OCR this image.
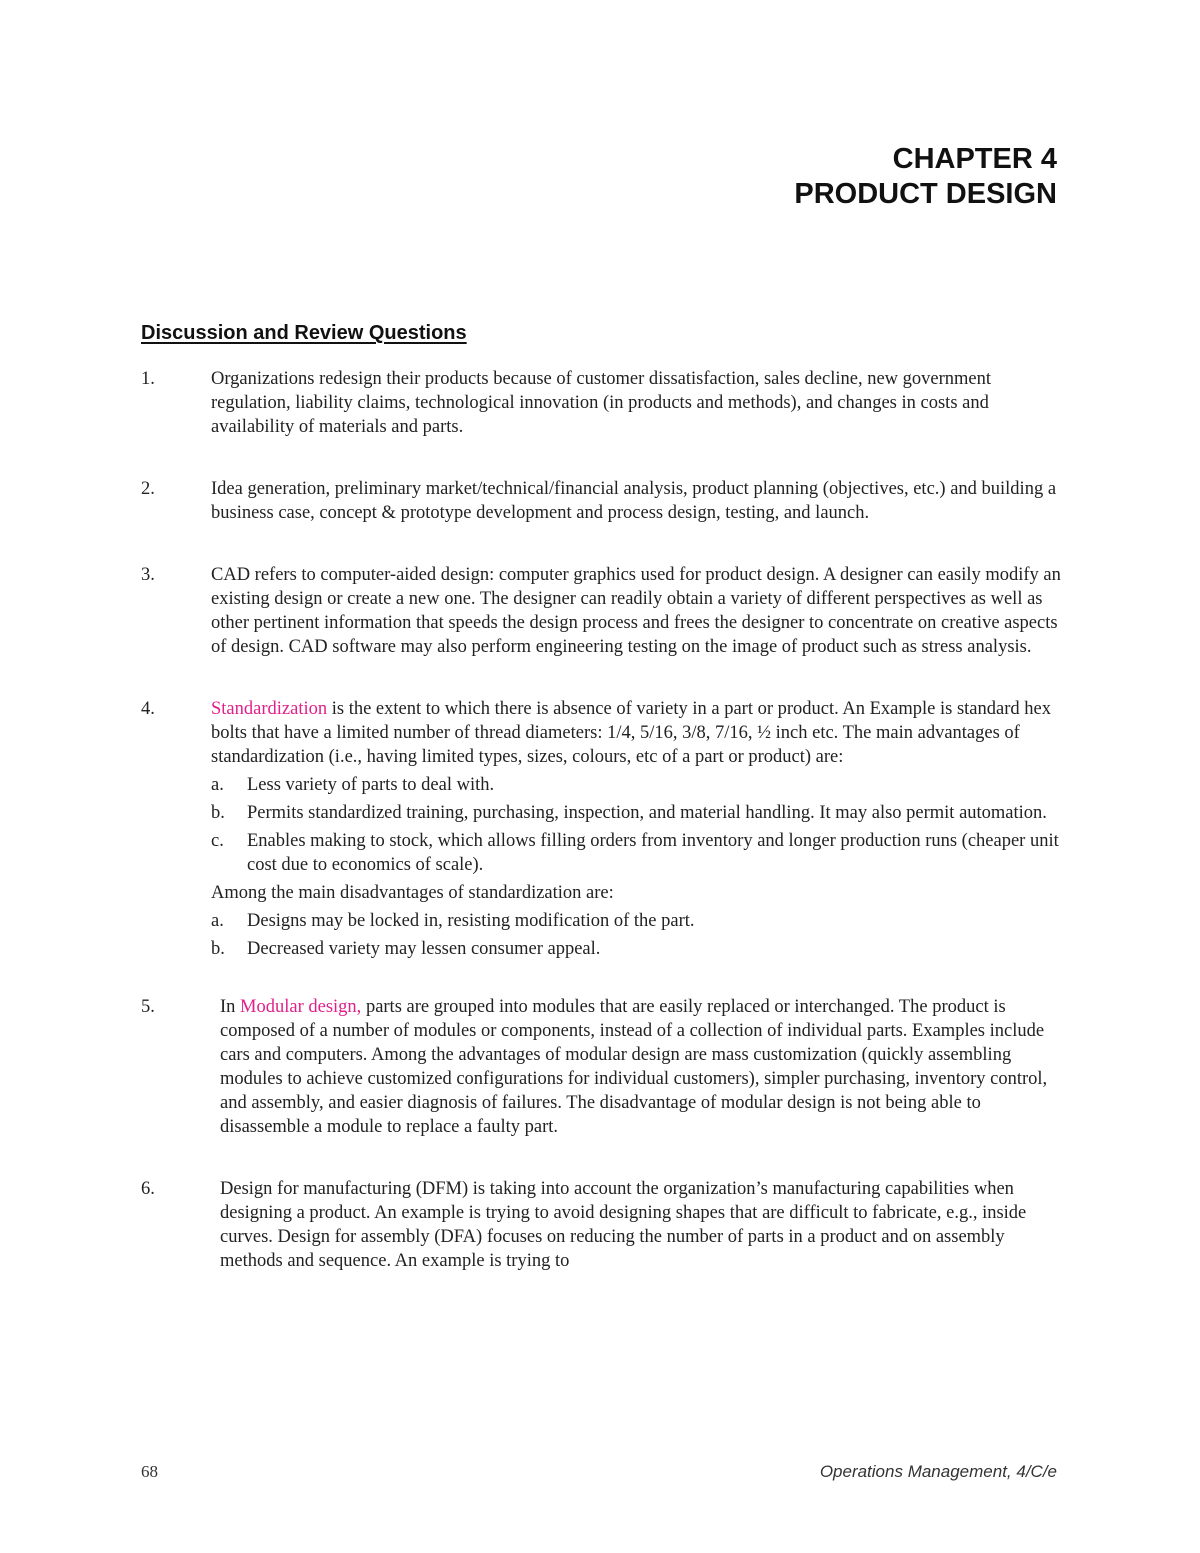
CHAPTER 4
PRODUCT DESIGN
Discussion and Review Questions
1.	Organizations redesign their products because of customer dissatisfaction, sales decline, new government regulation, liability claims, technological innovation (in products and methods), and changes in costs and availability of materials and parts.
2.	Idea generation, preliminary market/technical/financial analysis, product planning (objectives, etc.) and building a business case, concept & prototype development and process design, testing, and launch.
3.	CAD refers to computer-aided design: computer graphics used for product design. A designer can easily modify an existing design or create a new one. The designer can readily obtain a variety of different perspectives as well as other pertinent information that speeds the design process and frees the designer to concentrate on creative aspects of design. CAD software may also perform engineering testing on the image of product such as stress analysis.
4.	Standardization is the extent to which there is absence of variety in a part or product. An Example is standard hex bolts that have a limited number of thread diameters: 1/4, 5/16, 3/8, 7/16, ½ inch etc. The main advantages of standardization (i.e., having limited types, sizes, colours, etc of a part or product) are:
a.	Less variety of parts to deal with.
b.	Permits standardized training, purchasing, inspection, and material handling. It may also permit automation.
c.	Enables making to stock, which allows filling orders from inventory and longer production runs (cheaper unit cost due to economics of scale).
Among the main disadvantages of standardization are:
a.	Designs may be locked in, resisting modification of the part.
b.	Decreased variety may lessen consumer appeal.
5.	In Modular design, parts are grouped into modules that are easily replaced or interchanged. The product is composed of a number of modules or components, instead of a collection of individual parts. Examples include cars and computers. Among the advantages of modular design are mass customization (quickly assembling modules to achieve customized configurations for individual customers), simpler purchasing, inventory control, and assembly, and easier diagnosis of failures. The disadvantage of modular design is not being able to disassemble a module to replace a faulty part.
6.	Design for manufacturing (DFM) is taking into account the organization’s manufacturing capabilities when designing a product. An example is trying to avoid designing shapes that are difficult to fabricate, e.g., inside curves. Design for assembly (DFA) focuses on reducing the number of parts in a product and on assembly methods and sequence. An example is trying to
68	Operations Management, 4/C/e
